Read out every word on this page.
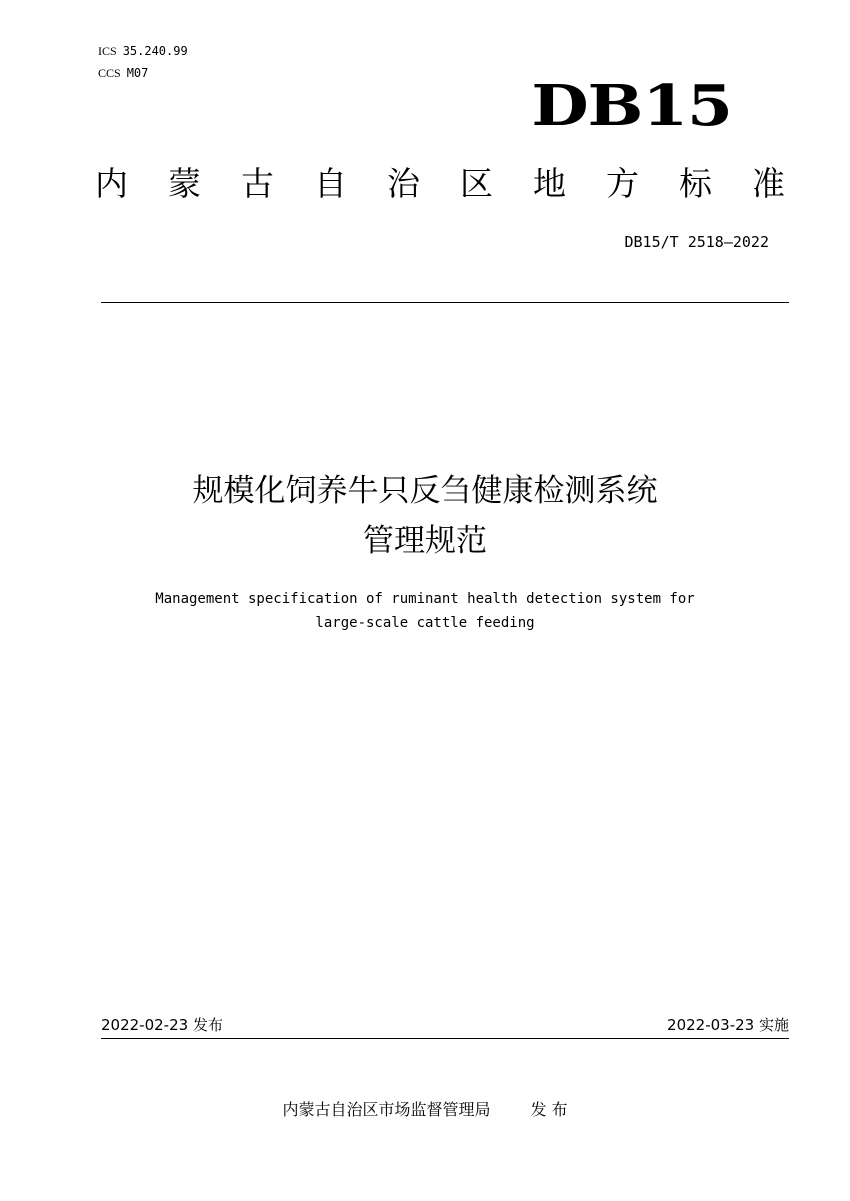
ICS 35.240.99
CCS M07	DB15
内 蒙 古 自 治 区 地 方 标 准
DB15/T 2518—2022
规模化饲养牛只反刍健康检测系统
管理规范
Management specification of ruminant health detection system for
large-scale cattle feeding
2022-02-23 发布	2022-03-23 实施
内蒙古自治区市场监督管理局	发 布
